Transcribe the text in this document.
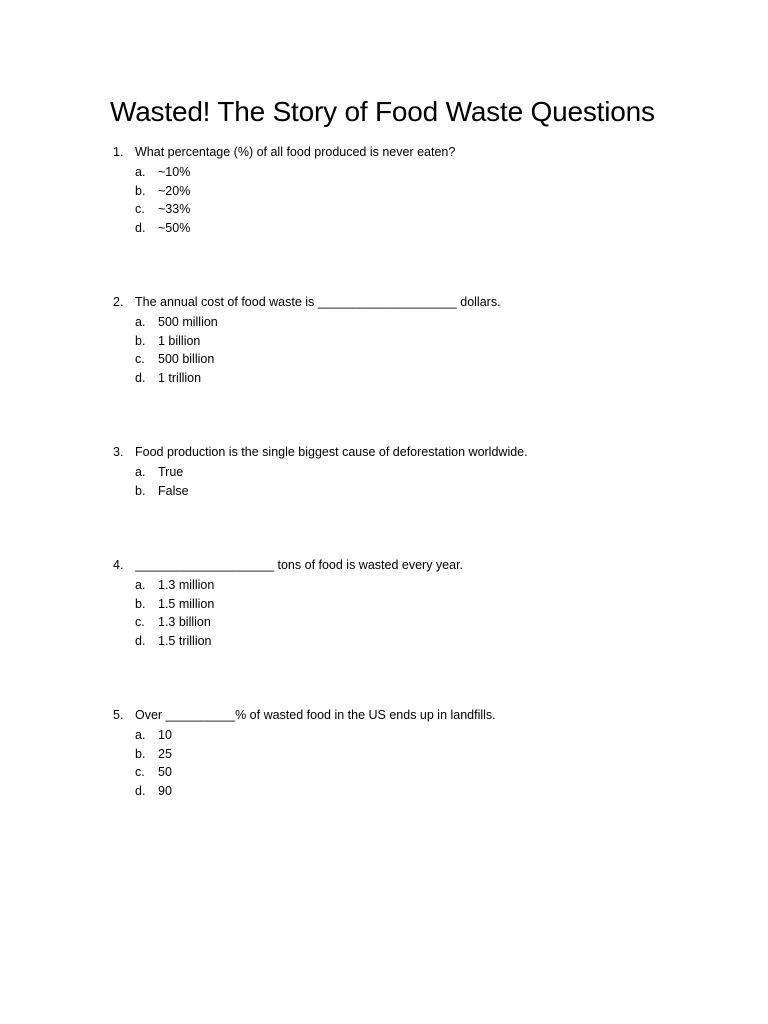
Wasted! The Story of Food Waste Questions
1. What percentage (%) of all food produced is never eaten?
a. ~10%
b. ~20%
c. ~33%
d. ~50%
2. The annual cost of food waste is ____________________ dollars.
a. 500 million
b. 1 billion
c. 500 billion
d. 1 trillion
3. Food production is the single biggest cause of deforestation worldwide.
a. True
b. False
4. ____________________ tons of food is wasted every year.
a. 1.3 million
b. 1.5 million
c. 1.3 billion
d. 1.5 trillion
5. Over __________% of wasted food in the US ends up in landfills.
a. 10
b. 25
c. 50
d. 90
